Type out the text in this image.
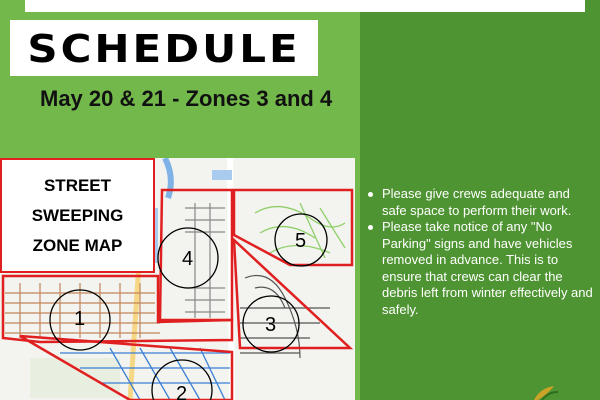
SCHEDULE
May 20 & 21 - Zones 3 and 4
STREET
SWEEPING
ZONE MAP
1
2
3
4
5
Please give crews adequate and safe space to perform their work.
Please take notice of any "No Parking" signs and have vehicles removed in advance. This is to ensure that crews can clear the debris left from winter effectively and safely.
